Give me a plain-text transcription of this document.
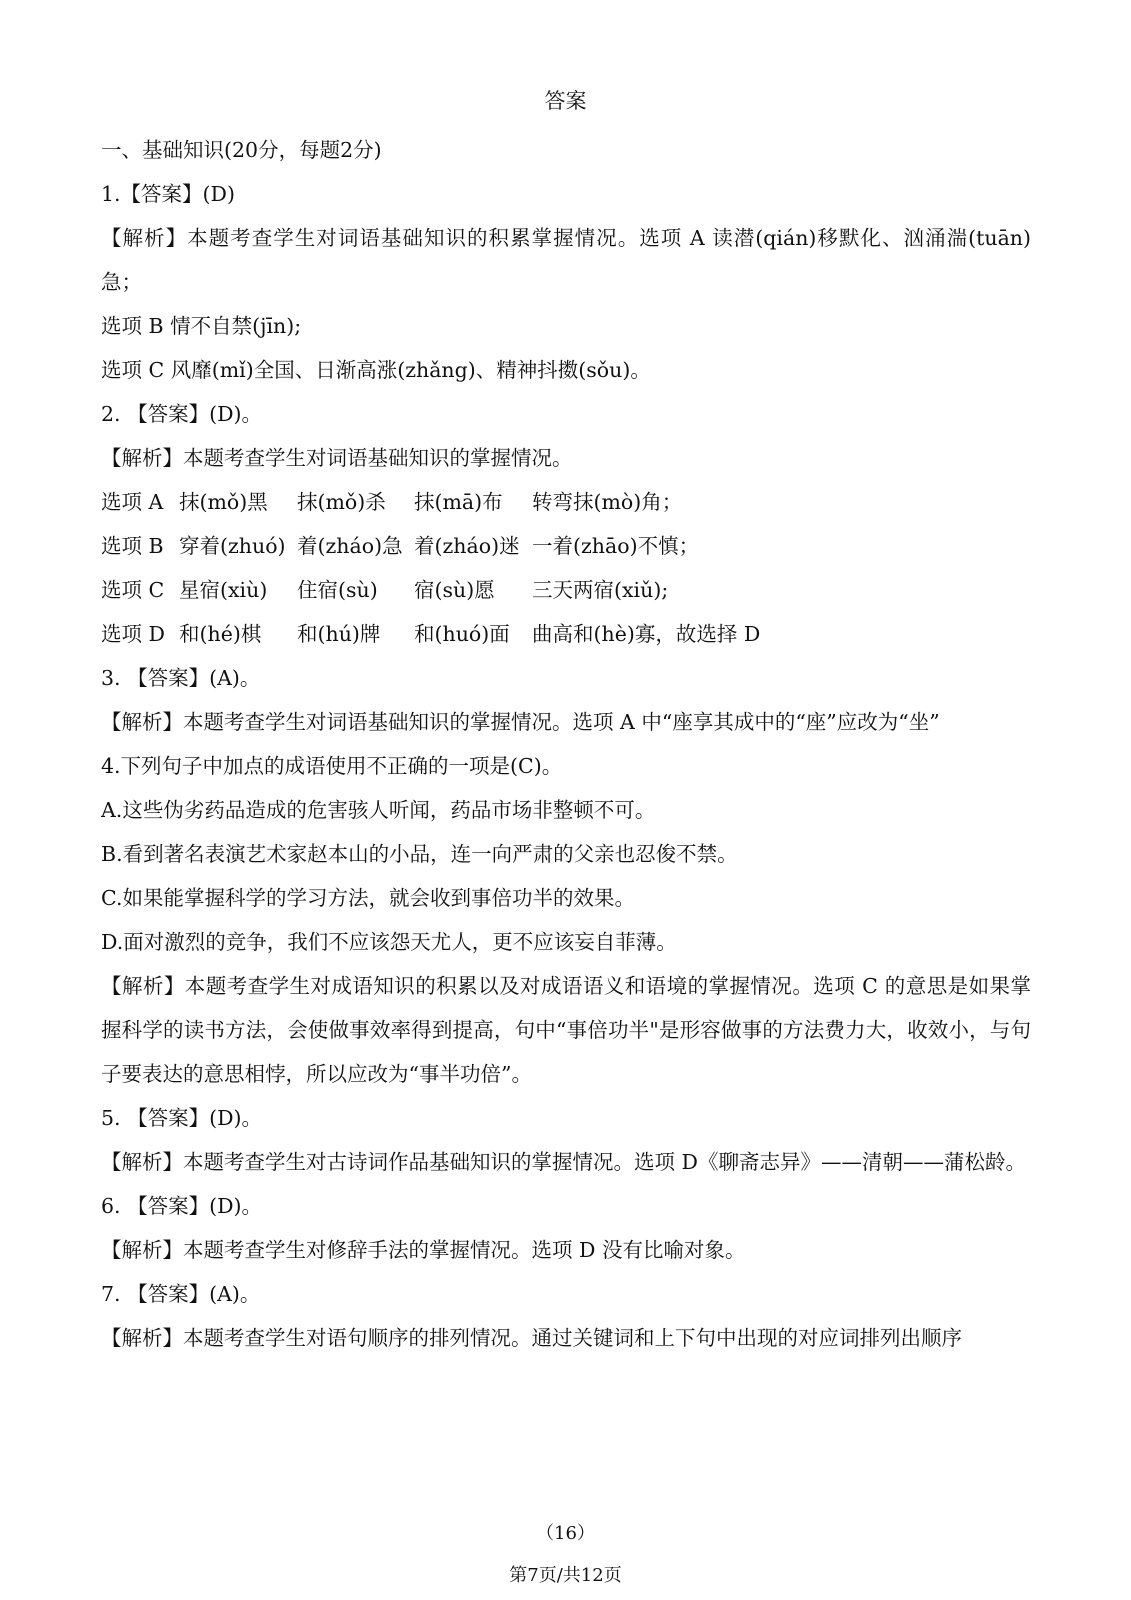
答案
一、基础知识(20分，每题2分)
1.【答案】(D)
【解析】本题考查学生对词语基础知识的积累掌握情况。选项 A 读潜(qián)移默化、汹涌湍(tuān)急；
选项 B 情不自禁(jīn);
选项 C 风靡(mǐ)全国、日渐高涨(zhǎng)、精神抖擞(sǒu)。
2. 【答案】(D)。
【解析】本题考查学生对词语基础知识的掌握情况。
选项 A 抹(mǒ)黑	抹(mǒ)杀	抹(mā)布	转弯抹(mò)角；
选项 B 穿着(zhuó) 着(zháo)急 着(zháo)迷 一着(zhāo)不慎；
选项 C 星宿(xiù)	住宿(sù)	宿(sù)愿	三天两宿(xiǔ);
选项 D 和(hé)棋	和(hú)牌	和(huó)面	曲高和(hè)寡，故选择 D
3. 【答案】(A)。
【解析】本题考查学生对词语基础知识的掌握情况。选项 A 中“座享其成中的“座”应改为“坐”
4.下列句子中加点的成语使用不正确的一项是(C)。
A.这些伪劣药品造成的危害骇人听闻，药品市场非整顿不可。
B.看到著名表演艺术家赵本山的小品，连一向严肃的父亲也忍俊不禁。
C.如果能掌握科学的学习方法，就会收到事倍功半的效果。
D.面对激烈的竞争，我们不应该怨天尤人，更不应该妄自菲薄。
【解析】本题考查学生对成语知识的积累以及对成语语义和语境的掌握情况。选项 C 的意思是如果掌握科学的读书方法，会使做事效率得到提高，句中“事倍功半"是形容做事的方法费力大，收效小，与句子要表达的意思相悖，所以应改为“事半功倍”。
5. 【答案】(D)。
【解析】本题考查学生对古诗词作品基础知识的掌握情况。选项 D《聊斋志异》——清朝——蒲松龄。
6. 【答案】(D)。
【解析】本题考查学生对修辞手法的掌握情况。选项 D 没有比喻对象。
7. 【答案】(A)。
【解析】本题考查学生对语句顺序的排列情况。通过关键词和上下句中出现的对应词排列出顺序
（16）
第7页/共12页
